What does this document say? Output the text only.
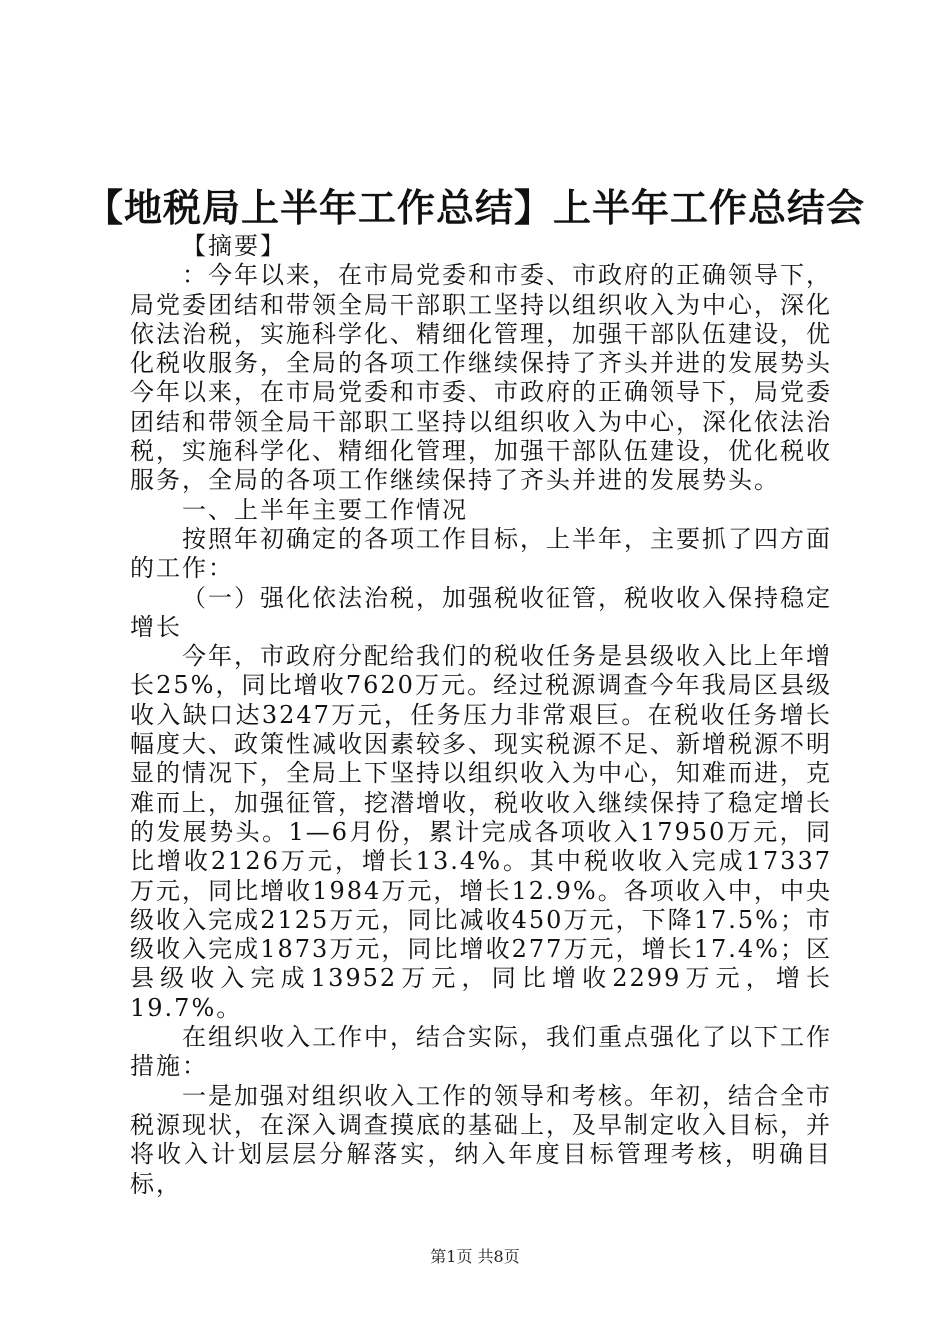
【地税局上半年工作总结】上半年工作总结会

【摘要】

：今年以来，在市局党委和市委、市政府的正确领导下，局党委团结和带领全局干部职工坚持以组织收入为中心，深化依法治税，实施科学化、精细化管理，加强干部队伍建设，优化税收服务，全局的各项工作继续保持了齐头并进的发展势头今年以来，在市局党委和市委、市政府的正确领导下，局党委团结和带领全局干部职工坚持以组织收入为中心，深化依法治税，实施科学化、精细化管理，加强干部队伍建设，优化税收服务，全局的各项工作继续保持了齐头并进的发展势头。

一、上半年主要工作情况

按照年初确定的各项工作目标，上半年，主要抓了四方面的工作：

（一）强化依法治税，加强税收征管，税收收入保持稳定增长

今年，市政府分配给我们的税收任务是县级收入比上年增长25%，同比增收7620万元。经过税源调查今年我局区县级收入缺口达3247万元，任务压力非常艰巨。在税收任务增长幅度大、政策性减收因素较多、现实税源不足、新增税源不明显的情况下，全局上下坚持以组织收入为中心，知难而进，克难而上，加强征管，挖潜增收，税收收入继续保持了稳定增长的发展势头。1—6月份，累计完成各项收入17950万元，同比增收2126万元，增长13.4%。其中税收收入完成17337万元，同比增收1984万元，增长12.9%。各项收入中，中央级收入完成2125万元，同比减收450万元，下降17.5%；市级收入完成1873万元，同比增收277万元，增长17.4%；区县级收入完成13952万元，同比增收2299万元，增长19.7%。

在组织收入工作中，结合实际，我们重点强化了以下工作措施：

一是加强对组织收入工作的领导和考核。年初，结合全市税源现状，在深入调查摸底的基础上，及早制定收入目标，并将收入计划层层分解落实，纳入年度目标管理考核，明确目标，

第1页 共8页
